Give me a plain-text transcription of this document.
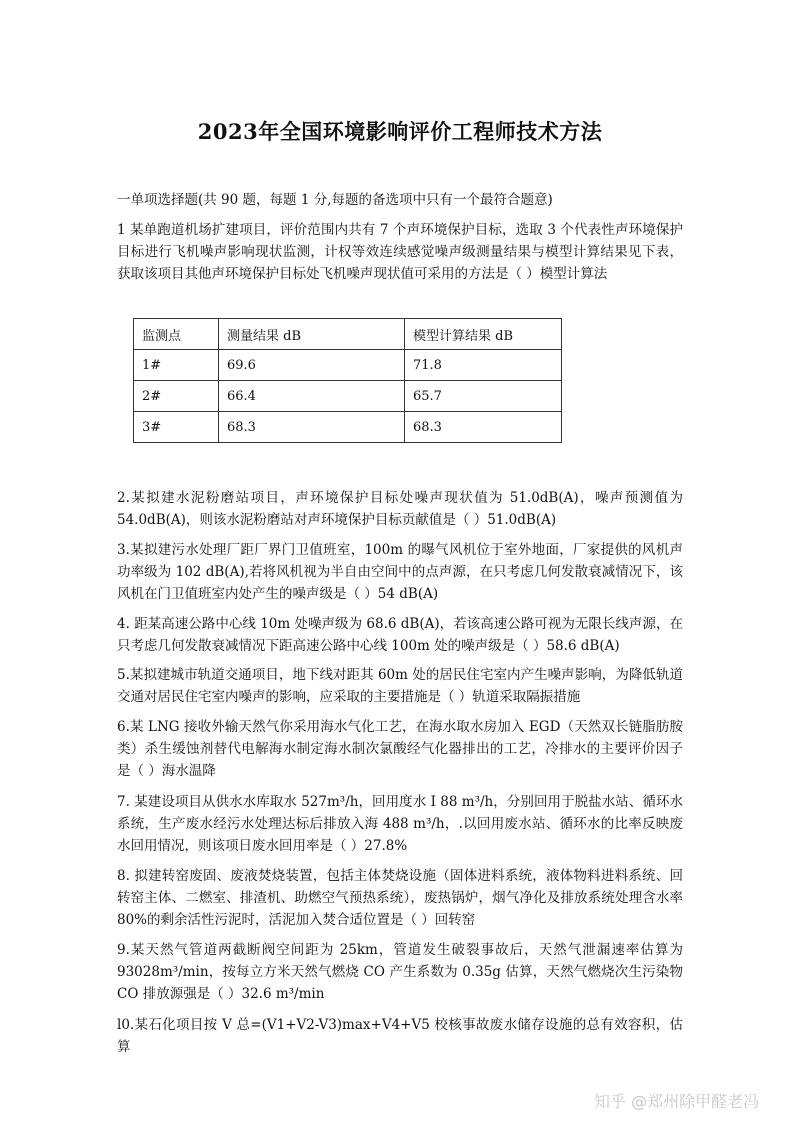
2023年全国环境影响评价工程师技术方法
一单项选择题(共 90 题，每题 1 分,每题的备选项中只有一个最符合题意)
1 某单跑道机场扩建项目，评价范围内共有 7 个声环境保护目标，选取 3 个代表性声环境保护目标进行飞机噪声影响现状监测，计权等效连续感觉噪声级测量结果与模型计算结果见下表，获取该项目其他声环境保护目标处飞机噪声现状值可采用的方法是（ ）模型计算法
监测点	测量结果 dB	模型计算结果 dB
1#	69.6	71.8
2#	66.4	65.7
3#	68.3	68.3
2.某拟建水泥粉磨站项目，声环境保护目标处噪声现状值为 51.0dB(A)，噪声预测值为 54.0dB(A)，则该水泥粉磨站对声环境保护目标贡献值是（ ）51.0dB(A)
3.某拟建污水处理厂距厂界门卫值班室，100m 的曝气风机位于室外地面，厂家提供的风机声功率级为 102 dB(A),若将风机视为半自由空间中的点声源，在只考虑几何发散衰减情况下，该风机在门卫值班室内处产生的噪声级是（ ）54 dB(A)
4. 距某高速公路中心线 10m 处噪声级为 68.6 dB(A)，若该高速公路可视为无限长线声源，在只考虑几何发散衰减情况下距高速公路中心线 100m 处的噪声级是（ ）58.6 dB(A)
5.某拟建城市轨道交通项目，地下线对距其 60m 处的居民住宅室内产生噪声影响，为降低轨道交通对居民住宅室内噪声的影响，应采取的主要措施是（ ）轨道采取隔振措施
6.某 LNG 接收外输天然气你采用海水气化工艺，在海水取水房加入 EGD（天然双长链脂肪胺类）杀生缓蚀剂替代电解海水制定海水制次氯酸经气化器排出的工艺，冷排水的主要评价因子是（ ）海水温降
7. 某建设项目从供水水库取水 527m³/h，回用度水 I 88 m³/h，分别回用于脱盐水站、循环水系统，生产废水经污水处理达标后排放入海 488 m³/h，.以回用废水站、循环水的比率反映废水回用情况，则该项日废水回用率是（ ）27.8%
8. 拟建转窑废固、废液焚烧装置，包括主体焚烧设施（固体进料系统，液体物料进料系统、回转窑主体、二燃室、排渣机、助燃空气预热系统），废热锅炉，烟气净化及排放系统处理含水率 80%的剩余活性污泥时，活泥加入焚合适位置是（ ）回转窑
9.某天然气管道两截断阀空间距为 25km，管道发生破裂事故后，天然气泄漏速率估算为 93028m³/min，按每立方米天然气燃烧 CO 产生系数为 0.35g 估算，天然气燃烧次生污染物 CO 排放源强是（ ）32.6 m³/min
l0.某石化项目按 V 总=(V1+V2-V3)max+V4+V5 校核事故废水储存设施的总有效容积，估算
知乎 @郑州除甲醛老冯
